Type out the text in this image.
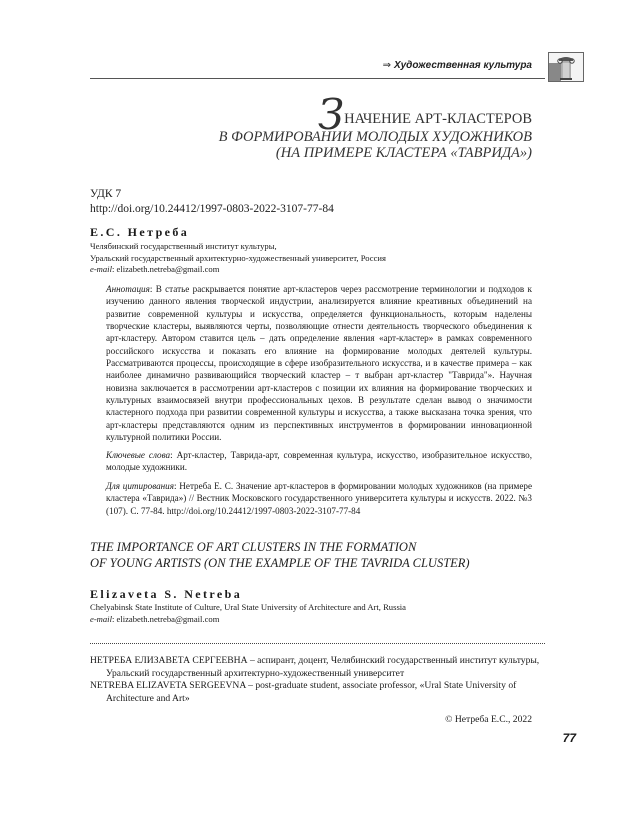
⇒ Художественная культура
ЗНАЧЕНИЕ АРТ-КЛАСТЕРОВ
В ФОРМИРОВАНИИ МОЛОДЫХ ХУДОЖНИКОВ
(НА ПРИМЕРЕ КЛАСТЕРА «ТАВРИДА»)
УДК 7
http://doi.org/10.24412/1997-0803-2022-3107-77-84
Е.С. Нетреба
Челябинский государственный институт культуры,
Уральский государственный архитектурно-художественный университет, Россия
e-mail: elizabeth.netreba@gmail.com

Аннотация: В статье раскрывается понятие арт-кластеров через рассмотрение терминологии и подходов к изучению данного явления творческой индустрии, анализируется влияние креативных объединений на развитие современной культуры и искусства, определяется функциональность, которым наделены творческие кластеры, выявляются черты, позволяющие отнести деятельность творческого объединения к арт-кластеру. Автором ставится цель – дать определение явления «арт-кластер» в рамках современного российского искусства и показать его влияние на формирование молодых деятелей культуры. Рассматриваются процессы, происходящие в сфере изобразительного искусства, и в качестве примера – как наиболее динамично развивающийся творческий кластер – т выбран арт-кластер "Таврида"». Научная новизна заключается в рассмотрении арт-кластеров с позиции их влияния на формирование творческих и культурных взаимосвязей внутри профессиональных цехов. В результате сделан вывод о значимости кластерного подхода при развитии современной культуры и искусства, а также высказана точка зрения, что арт-кластеры представляются одним из перспективных инструментов в формировании инновационной культурной политики России.

Ключевые слова: Арт-кластер, Таврида-арт, современная культура, искусство, изобразительное искусство, молодые художники.
Для цитирования: Нетреба Е. С. Значение арт-кластеров в формировании молодых художников (на примере кластера «Таврида») // Вестник Московского государственного университета культуры и искусств. 2022. №3 (107). С. 77-84. http://doi.org/10.24412/1997-0803-2022-3107-77-84
THE IMPORTANCE OF ART CLUSTERS IN THE FORMATION
OF YOUNG ARTISTS (ON THE EXAMPLE OF THE TAVRIDA CLUSTER)
Elizaveta S. Netreba
Chelyabinsk State Institute of Culture, Ural State University of Architecture and Art, Russia
e-mail: elizabeth.netreba@gmail.com

НЕТРЕБА ЕЛИЗАВЕТА СЕРГЕЕВНА – аспирант, доцент, Челябинский государственный институт культуры, Уральский государственный архитектурно-художественный университет

NETREBA ELIZAVETA SERGEEVNA – post-graduate student, associate professor, «Ural State University of Architecture and Art»

© Нетреба Е.С., 2022
77
